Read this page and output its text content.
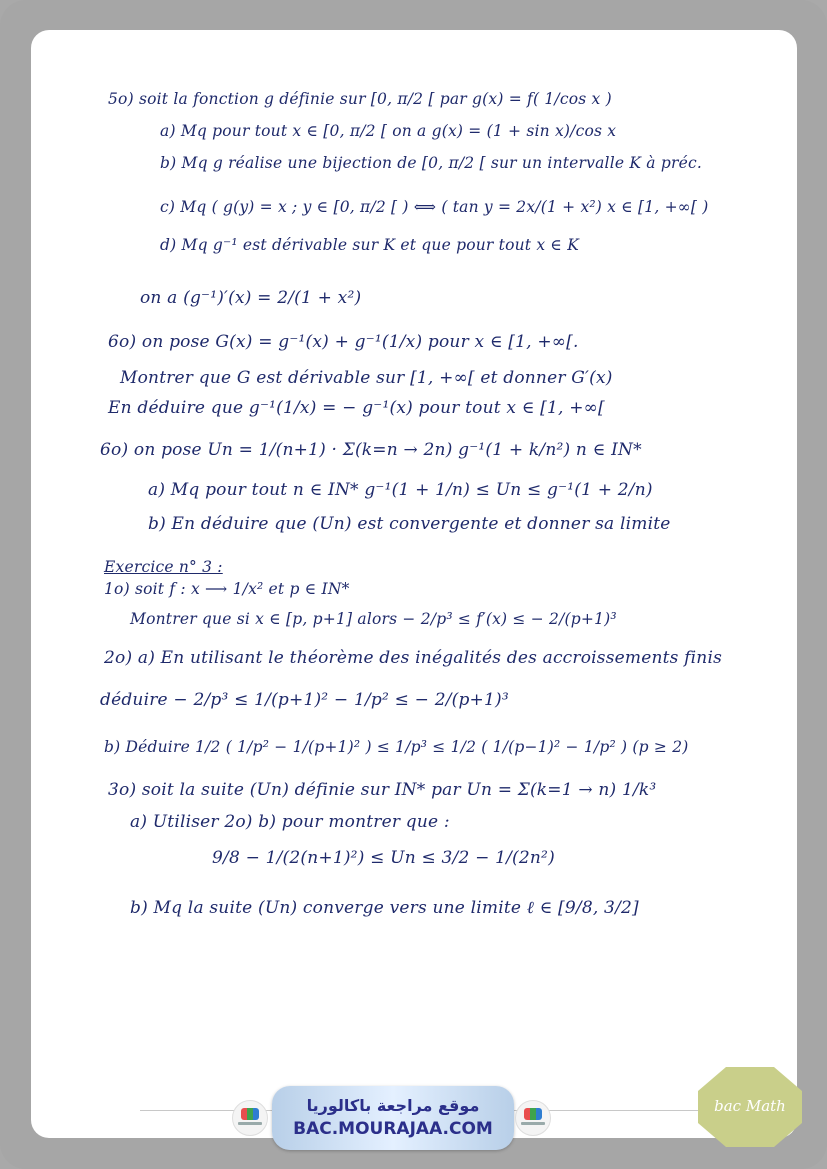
5o) soit la fonction g définie sur [0, π/2 [ par g(x) = f( 1/cos x )
a) Mq pour tout x ∈ [0, π/2 [ on a g(x) = (1 + sin x)/cos x
b) Mq g réalise une bijection de [0, π/2 [ sur un intervalle K à préc.
c) Mq ( g(y) = x ; y ∈ [0, π/2 [ ) ⟺ ( tan y = 2x/(1 + x²) x ∈ [1, +∞[ )
d) Mq g⁻¹ est dérivable sur K et que pour tout x ∈ K
on a (g⁻¹)′(x) = 2/(1 + x²)
6o) on pose G(x) = g⁻¹(x) + g⁻¹(1/x) pour x ∈ [1, +∞[.
Montrer que G est dérivable sur [1, +∞[ et donner G′(x)
En déduire que g⁻¹(1/x) = − g⁻¹(x) pour tout x ∈ [1, +∞[
6o) on pose Un = 1/(n+1) · Σ(k=n → 2n) g⁻¹(1 + k/n²) n ∈ IN*
a) Mq pour tout n ∈ IN* g⁻¹(1 + 1/n) ≤ Un ≤ g⁻¹(1 + 2/n)
b) En déduire que (Un) est convergente et donner sa limite
Exercice n° 3 :
1o) soit f : x ⟶ 1/x² et p ∈ IN*
Montrer que si x ∈ [p, p+1] alors − 2/p³ ≤ f′(x) ≤ − 2/(p+1)³
2o) a) En utilisant le théorème des inégalités des accroissements finis
déduire − 2/p³ ≤ 1/(p+1)² − 1/p² ≤ − 2/(p+1)³
b) Déduire 1/2 ( 1/p² − 1/(p+1)² ) ≤ 1/p³ ≤ 1/2 ( 1/(p−1)² − 1/p² ) (p ≥ 2)
3o) soit la suite (Un) définie sur IN* par Un = Σ(k=1 → n) 1/k³
a) Utiliser 2o) b) pour montrer que :
9/8 − 1/(2(n+1)²) ≤ Un ≤ 3/2 − 1/(2n²)
b) Mq la suite (Un) converge vers une limite ℓ ∈ [9/8, 3/2]
موقع مراجعة باكالوريا
BAC.MOURAJAA.COM
bac Math
